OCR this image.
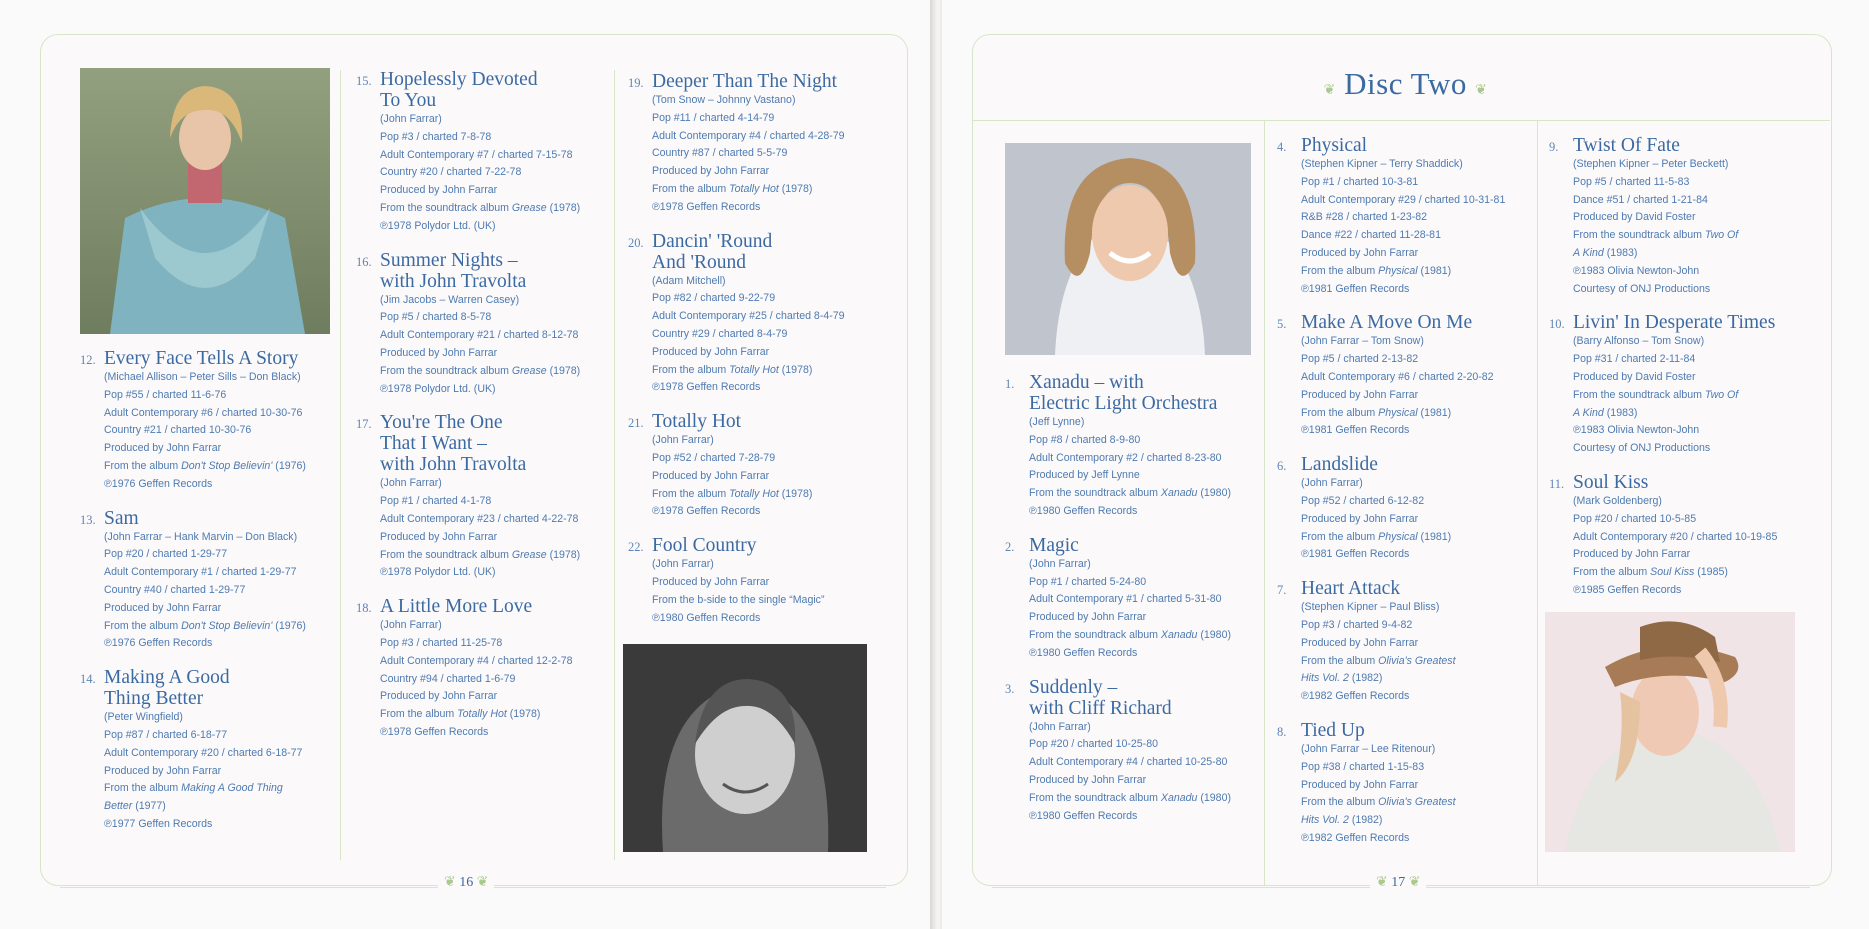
12. Every Face Tells A Story
(Michael Allison – Peter Sills – Don Black)
Pop #55 / charted 11-6-76
Adult Contemporary #6 / charted 10-30-76
Country #21 / charted 10-30-76
Produced by John Farrar
From the album Don't Stop Believin' (1976)
℗1976 Geffen Records
13. Sam
(John Farrar – Hank Marvin – Don Black)
Pop #20 / charted 1-29-77
Adult Contemporary #1 / charted 1-29-77
Country #40 / charted 1-29-77
Produced by John Farrar
From the album Don't Stop Believin' (1976)
℗1976 Geffen Records
14. Making A Good
Thing Better
(Peter Wingfield)
Pop #87 / charted 6-18-77
Adult Contemporary #20 / charted 6-18-77
Produced by John Farrar
From the album Making A Good Thing
Better (1977)
℗1977 Geffen Records
15. Hopelessly Devoted
To You
(John Farrar)
Pop #3 / charted 7-8-78
Adult Contemporary #7 / charted 7-15-78
Country #20 / charted 7-22-78
Produced by John Farrar
From the soundtrack album Grease (1978)
℗1978 Polydor Ltd. (UK)
16. Summer Nights –
with John Travolta
(Jim Jacobs – Warren Casey)
Pop #5 / charted 8-5-78
Adult Contemporary #21 / charted 8-12-78
Produced by John Farrar
From the soundtrack album Grease (1978)
℗1978 Polydor Ltd. (UK)
17. You're The One
That I Want –
with John Travolta
(John Farrar)
Pop #1 / charted 4-1-78
Adult Contemporary #23 / charted 4-22-78
Produced by John Farrar
From the soundtrack album Grease (1978)
℗1978 Polydor Ltd. (UK)
18. A Little More Love
(John Farrar)
Pop #3 / charted 11-25-78
Adult Contemporary #4 / charted 12-2-78
Country #94 / charted 1-6-79
Produced by John Farrar
From the album Totally Hot (1978)
℗1978 Geffen Records
19. Deeper Than The Night
(Tom Snow – Johnny Vastano)
Pop #11 / charted 4-14-79
Adult Contemporary #4 / charted 4-28-79
Country #87 / charted 5-5-79
Produced by John Farrar
From the album Totally Hot (1978)
℗1978 Geffen Records
20. Dancin' 'Round
And 'Round
(Adam Mitchell)
Pop #82 / charted 9-22-79
Adult Contemporary #25 / charted 8-4-79
Country #29 / charted 8-4-79
Produced by John Farrar
From the album Totally Hot (1978)
℗1978 Geffen Records
21. Totally Hot
(John Farrar)
Pop #52 / charted 7-28-79
Produced by John Farrar
From the album Totally Hot (1978)
℗1978 Geffen Records
22. Fool Country
(John Farrar)
Produced by John Farrar
From the b-side to the single “Magic”
℗1980 Geffen Records
❦ 16 ❦
❦ Disc Two ❦
1. Xanadu – with
Electric Light Orchestra
(Jeff Lynne)
Pop #8 / charted 8-9-80
Adult Contemporary #2 / charted 8-23-80
Produced by Jeff Lynne
From the soundtrack album Xanadu (1980)
℗1980 Geffen Records
2. Magic
(John Farrar)
Pop #1 / charted 5-24-80
Adult Contemporary #1 / charted 5-31-80
Produced by John Farrar
From the soundtrack album Xanadu (1980)
℗1980 Geffen Records
3. Suddenly –
with Cliff Richard
(John Farrar)
Pop #20 / charted 10-25-80
Adult Contemporary #4 / charted 10-25-80
Produced by John Farrar
From the soundtrack album Xanadu (1980)
℗1980 Geffen Records
4. Physical
(Stephen Kipner – Terry Shaddick)
Pop #1 / charted 10-3-81
Adult Contemporary #29 / charted 10-31-81
R&B #28 / charted 1-23-82
Dance #22 / charted 11-28-81
Produced by John Farrar
From the album Physical (1981)
℗1981 Geffen Records
5. Make A Move On Me
(John Farrar – Tom Snow)
Pop #5 / charted 2-13-82
Adult Contemporary #6 / charted 2-20-82
Produced by John Farrar
From the album Physical (1981)
℗1981 Geffen Records
6. Landslide
(John Farrar)
Pop #52 / charted 6-12-82
Produced by John Farrar
From the album Physical (1981)
℗1981 Geffen Records
7. Heart Attack
(Stephen Kipner – Paul Bliss)
Pop #3 / charted 9-4-82
Produced by John Farrar
From the album Olivia's Greatest
Hits Vol. 2 (1982)
℗1982 Geffen Records
8. Tied Up
(John Farrar – Lee Ritenour)
Pop #38 / charted 1-15-83
Produced by John Farrar
From the album Olivia's Greatest
Hits Vol. 2 (1982)
℗1982 Geffen Records
9. Twist Of Fate
(Stephen Kipner – Peter Beckett)
Pop #5 / charted 11-5-83
Dance #51 / charted 1-21-84
Produced by David Foster
From the soundtrack album Two Of
A Kind (1983)
℗1983 Olivia Newton-John
Courtesy of ONJ Productions
10. Livin' In Desperate Times
(Barry Alfonso – Tom Snow)
Pop #31 / charted 2-11-84
Produced by David Foster
From the soundtrack album Two Of
A Kind (1983)
℗1983 Olivia Newton-John
Courtesy of ONJ Productions
11. Soul Kiss
(Mark Goldenberg)
Pop #20 / charted 10-5-85
Adult Contemporary #20 / charted 10-19-85
Produced by John Farrar
From the album Soul Kiss (1985)
℗1985 Geffen Records
❦ 17 ❦
